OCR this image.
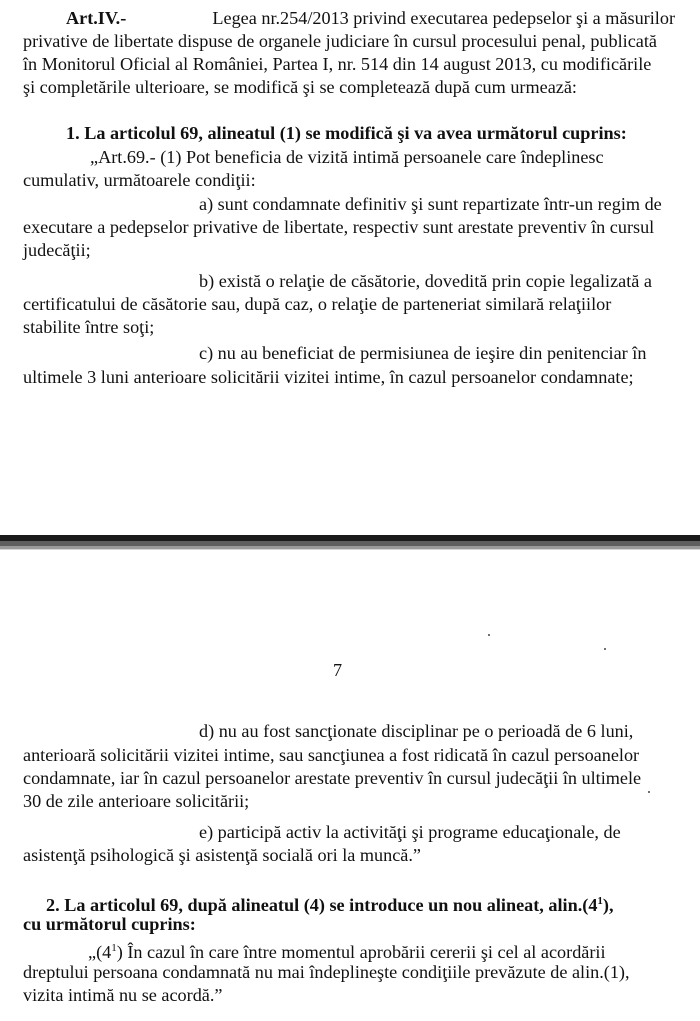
Art.IV.-	Legea nr.254/2013 privind executarea pedepselor şi a măsurilor
privative de libertate dispuse de organele judiciare în cursul procesului penal, publicată
în Monitorul Oficial al României, Partea I, nr. 514 din 14 august 2013, cu modificările
şi completările ulterioare, se modifică şi se completează după cum urmează:
1. La articolul 69, alineatul (1) se modifică şi va avea următorul cuprins:
„Art.69.- (1) Pot beneficia de vizită intimă persoanele care îndeplinesc
cumulativ, următoarele condiţii:
a) sunt condamnate definitiv şi sunt repartizate într-un regim de
executare a pedepselor privative de libertate, respectiv sunt arestate preventiv în cursul
judecăţii;
b) există o relaţie de căsătorie, dovedită prin copie legalizată a
certificatului de căsătorie sau, după caz, o relaţie de parteneriat similară relaţiilor
stabilite între soţi;
c) nu au beneficiat de permisiunea de ieşire din penitenciar în
ultimele 3 luni anterioare solicitării vizitei intime, în cazul persoanelor condamnate;
7
d) nu au fost sancţionate disciplinar pe o perioadă de 6 luni,
anterioară solicitării vizitei intime, sau sancţiunea a fost ridicată în cazul persoanelor
condamnate, iar în cazul persoanelor arestate preventiv în cursul judecăţii în ultimele
30 de zile anterioare solicitării;
e) participă activ la activităţi şi programe educaţionale, de
asistenţă psihologică şi asistenţă socială ori la muncă.”
2. La articolul 69, după alineatul (4) se introduce un nou alineat, $alin.(4^1)$,
cu următorul cuprins:
$„(4^1)$ În cazul în care între momentul aprobării cererii şi cel al acordării
dreptului persoana condamnată nu mai îndeplineşte condiţiile prevăzute de alin.(1),
vizita intimă nu se acordă.”
